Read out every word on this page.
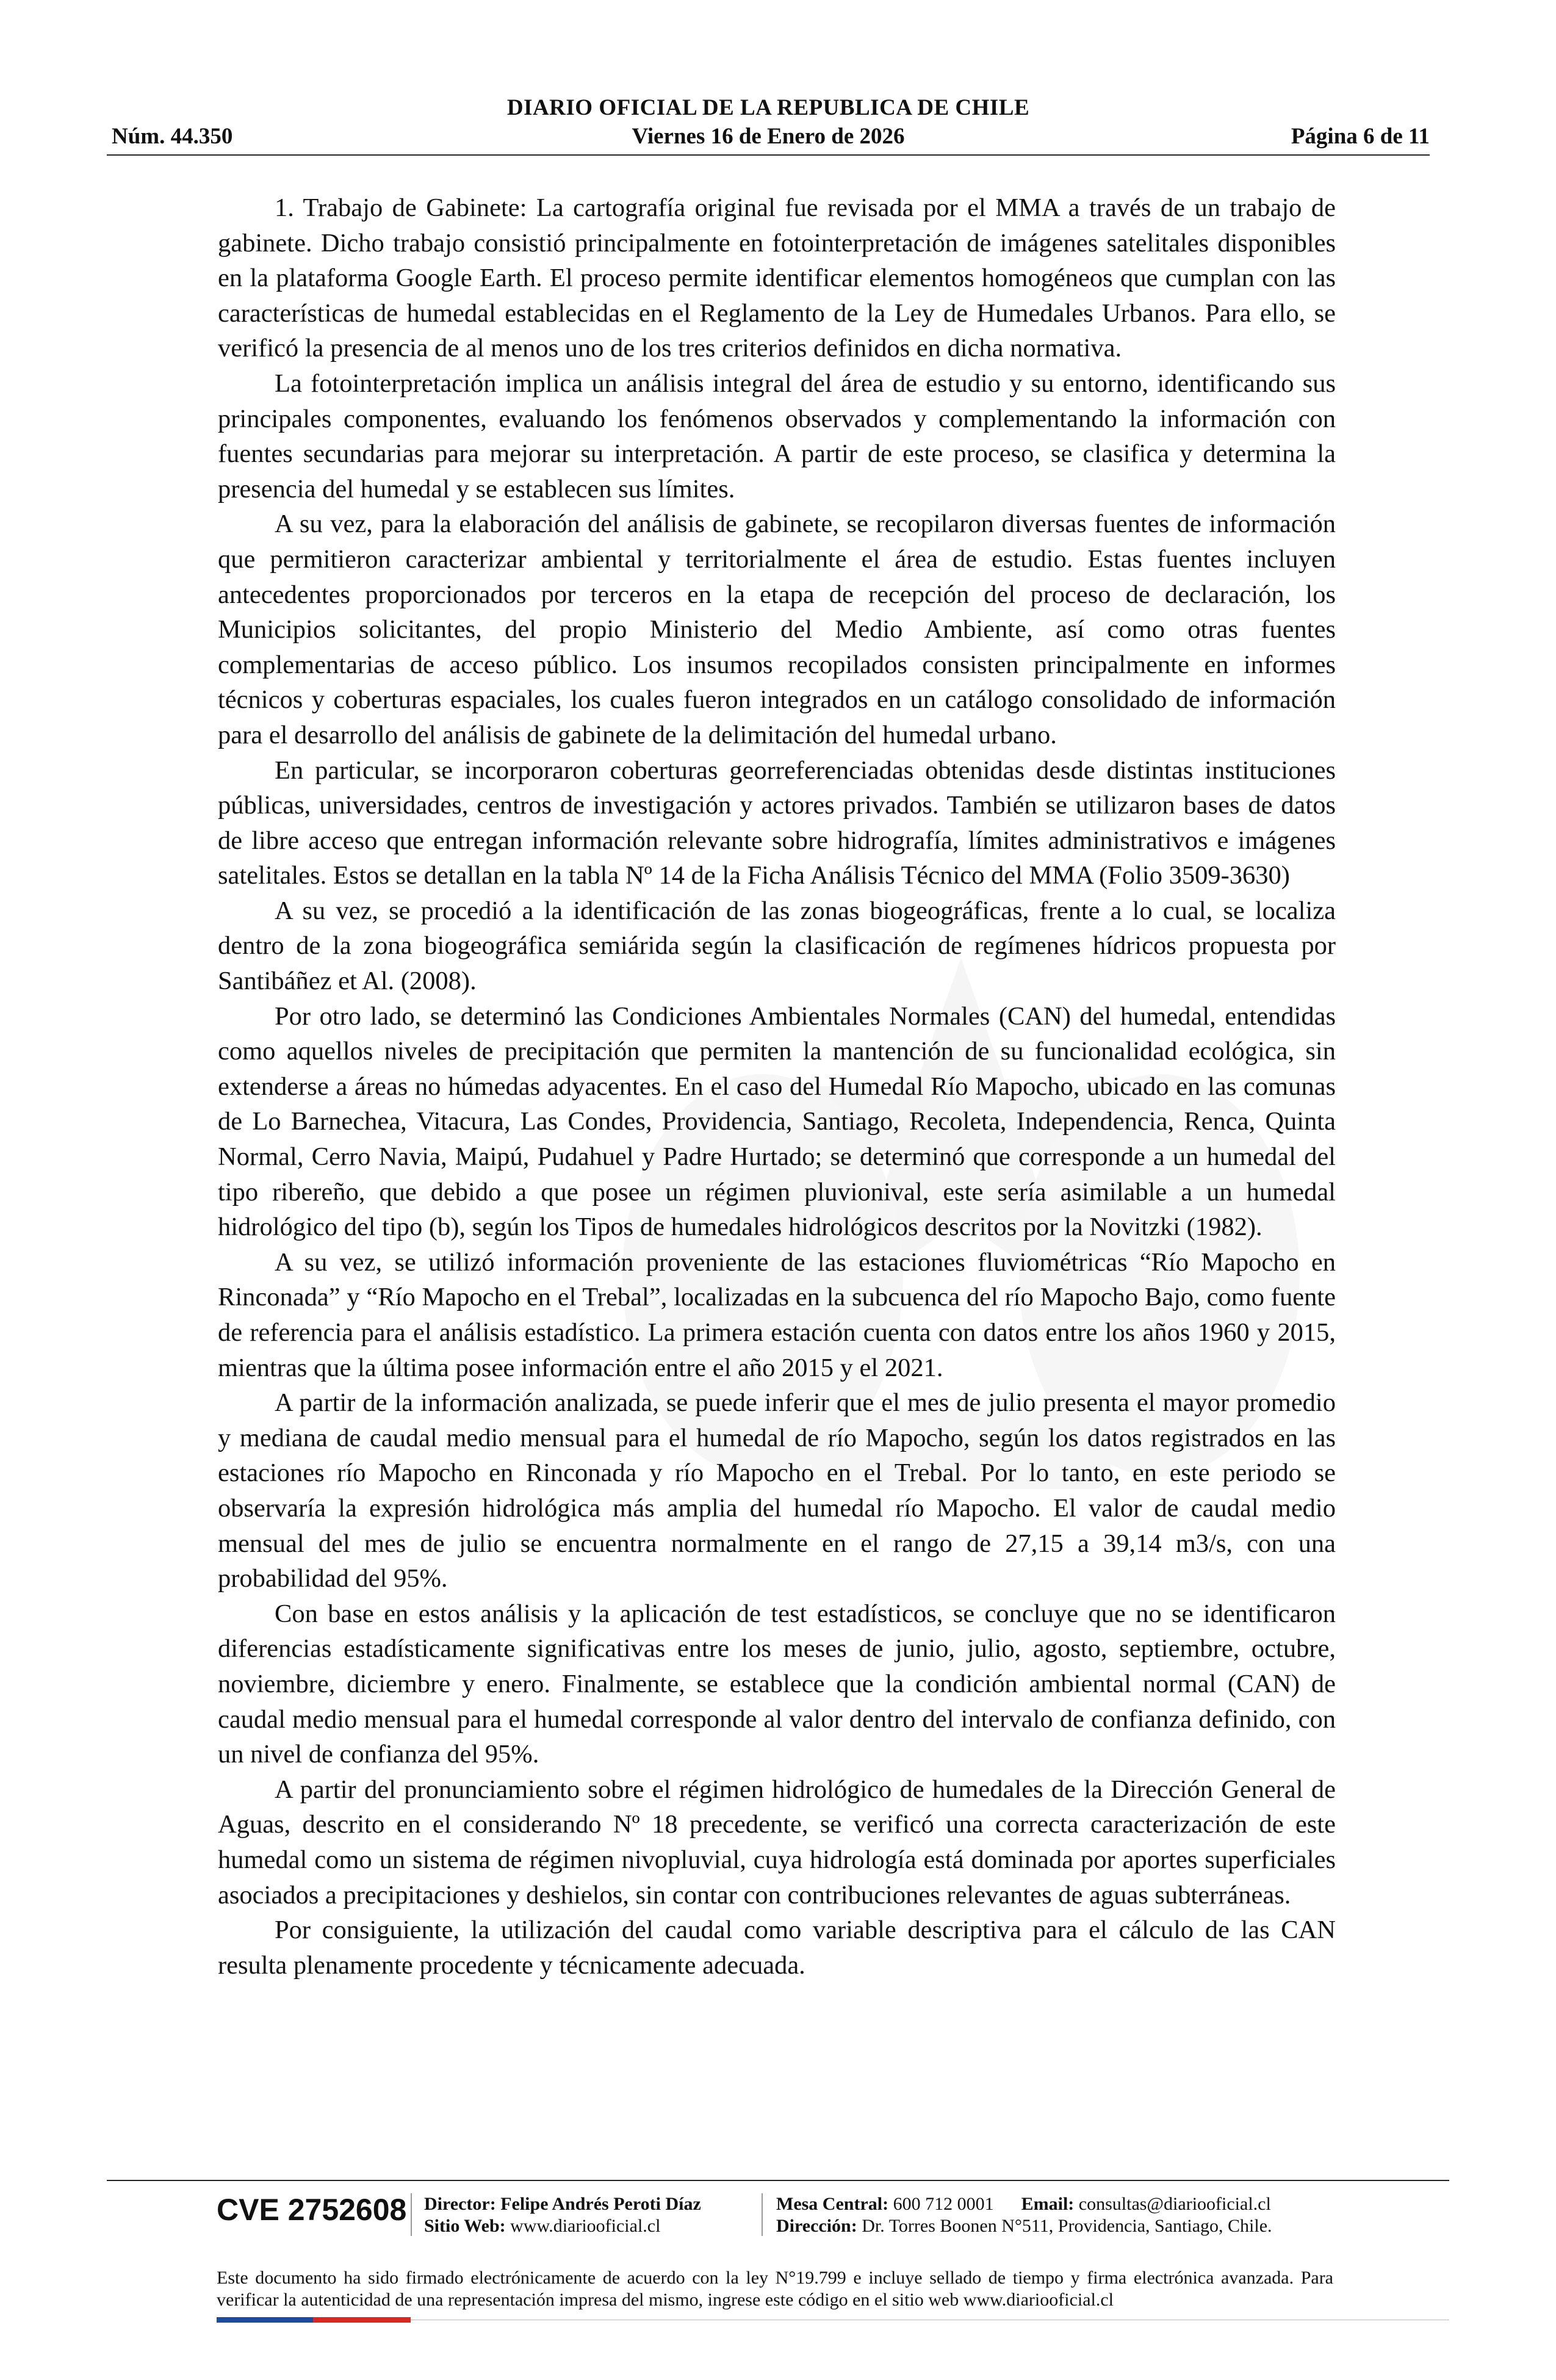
DIARIO OFICIAL DE LA REPUBLICA DE CHILE
Núm. 44.350	Viernes 16 de Enero de 2026	Página 6 de 11

1. Trabajo de Gabinete: La cartografía original fue revisada por el MMA a través de un trabajo de gabinete. Dicho trabajo consistió principalmente en fotointerpretación de imágenes satelitales disponibles en la plataforma Google Earth. El proceso permite identificar elementos homogéneos que cumplan con las características de humedal establecidas en el Reglamento de la Ley de Humedales Urbanos. Para ello, se verificó la presencia de al menos uno de los tres criterios definidos en dicha normativa.

La fotointerpretación implica un análisis integral del área de estudio y su entorno, identificando sus principales componentes, evaluando los fenómenos observados y complementando la información con fuentes secundarias para mejorar su interpretación. A partir de este proceso, se clasifica y determina la presencia del humedal y se establecen sus límites.

A su vez, para la elaboración del análisis de gabinete, se recopilaron diversas fuentes de información que permitieron caracterizar ambiental y territorialmente el área de estudio. Estas fuentes incluyen antecedentes proporcionados por terceros en la etapa de recepción del proceso de declaración, los Municipios solicitantes, del propio Ministerio del Medio Ambiente, así como otras fuentes complementarias de acceso público. Los insumos recopilados consisten principalmente en informes técnicos y coberturas espaciales, los cuales fueron integrados en un catálogo consolidado de información para el desarrollo del análisis de gabinete de la delimitación del humedal urbano.

En particular, se incorporaron coberturas georreferenciadas obtenidas desde distintas instituciones públicas, universidades, centros de investigación y actores privados. También se utilizaron bases de datos de libre acceso que entregan información relevante sobre hidrografía, límites administrativos e imágenes satelitales. Estos se detallan en la tabla Nº 14 de la Ficha Análisis Técnico del MMA (Folio 3509-3630)

A su vez, se procedió a la identificación de las zonas biogeográficas, frente a lo cual, se localiza dentro de la zona biogeográfica semiárida según la clasificación de regímenes hídricos propuesta por Santibáñez et Al. (2008).

Por otro lado, se determinó las Condiciones Ambientales Normales (CAN) del humedal, entendidas como aquellos niveles de precipitación que permiten la mantención de su funcionalidad ecológica, sin extenderse a áreas no húmedas adyacentes. En el caso del Humedal Río Mapocho, ubicado en las comunas de Lo Barnechea, Vitacura, Las Condes, Providencia, Santiago, Recoleta, Independencia, Renca, Quinta Normal, Cerro Navia, Maipú, Pudahuel y Padre Hurtado; se determinó que corresponde a un humedal del tipo ribereño, que debido a que posee un régimen pluvionival, este sería asimilable a un humedal hidrológico del tipo (b), según los Tipos de humedales hidrológicos descritos por la Novitzki (1982).

A su vez, se utilizó información proveniente de las estaciones fluviométricas “Río Mapocho en Rinconada” y “Río Mapocho en el Trebal”, localizadas en la subcuenca del río Mapocho Bajo, como fuente de referencia para el análisis estadístico. La primera estación cuenta con datos entre los años 1960 y 2015, mientras que la última posee información entre el año 2015 y el 2021.

A partir de la información analizada, se puede inferir que el mes de julio presenta el mayor promedio y mediana de caudal medio mensual para el humedal de río Mapocho, según los datos registrados en las estaciones río Mapocho en Rinconada y río Mapocho en el Trebal. Por lo tanto, en este periodo se observaría la expresión hidrológica más amplia del humedal río Mapocho. El valor de caudal medio mensual del mes de julio se encuentra normalmente en el rango de 27,15 a 39,14 m3/s, con una probabilidad del 95%.

Con base en estos análisis y la aplicación de test estadísticos, se concluye que no se identificaron diferencias estadísticamente significativas entre los meses de junio, julio, agosto, septiembre, octubre, noviembre, diciembre y enero. Finalmente, se establece que la condición ambiental normal (CAN) de caudal medio mensual para el humedal corresponde al valor dentro del intervalo de confianza definido, con un nivel de confianza del 95%.

A partir del pronunciamiento sobre el régimen hidrológico de humedales de la Dirección General de Aguas, descrito en el considerando Nº 18 precedente, se verificó una correcta caracterización de este humedal como un sistema de régimen nivopluvial, cuya hidrología está dominada por aportes superficiales asociados a precipitaciones y deshielos, sin contar con contribuciones relevantes de aguas subterráneas.

Por consiguiente, la utilización del caudal como variable descriptiva para el cálculo de las CAN resulta plenamente procedente y técnicamente adecuada.

CVE 2752608 Director: Felipe Andrés Peroti Díaz
Sitio Web: www.diariooficial.cl
Mesa Central: 600 712 0001 Email: consultas@diariooficial.cl
Dirección: Dr. Torres Boonen N°511, Providencia, Santiago, Chile.
Este documento ha sido firmado electrónicamente de acuerdo con la ley N°19.799 e incluye sellado de tiempo y firma electrónica avanzada. Para verificar la autenticidad de una representación impresa del mismo, ingrese este código en el sitio web www.diariooficial.cl
